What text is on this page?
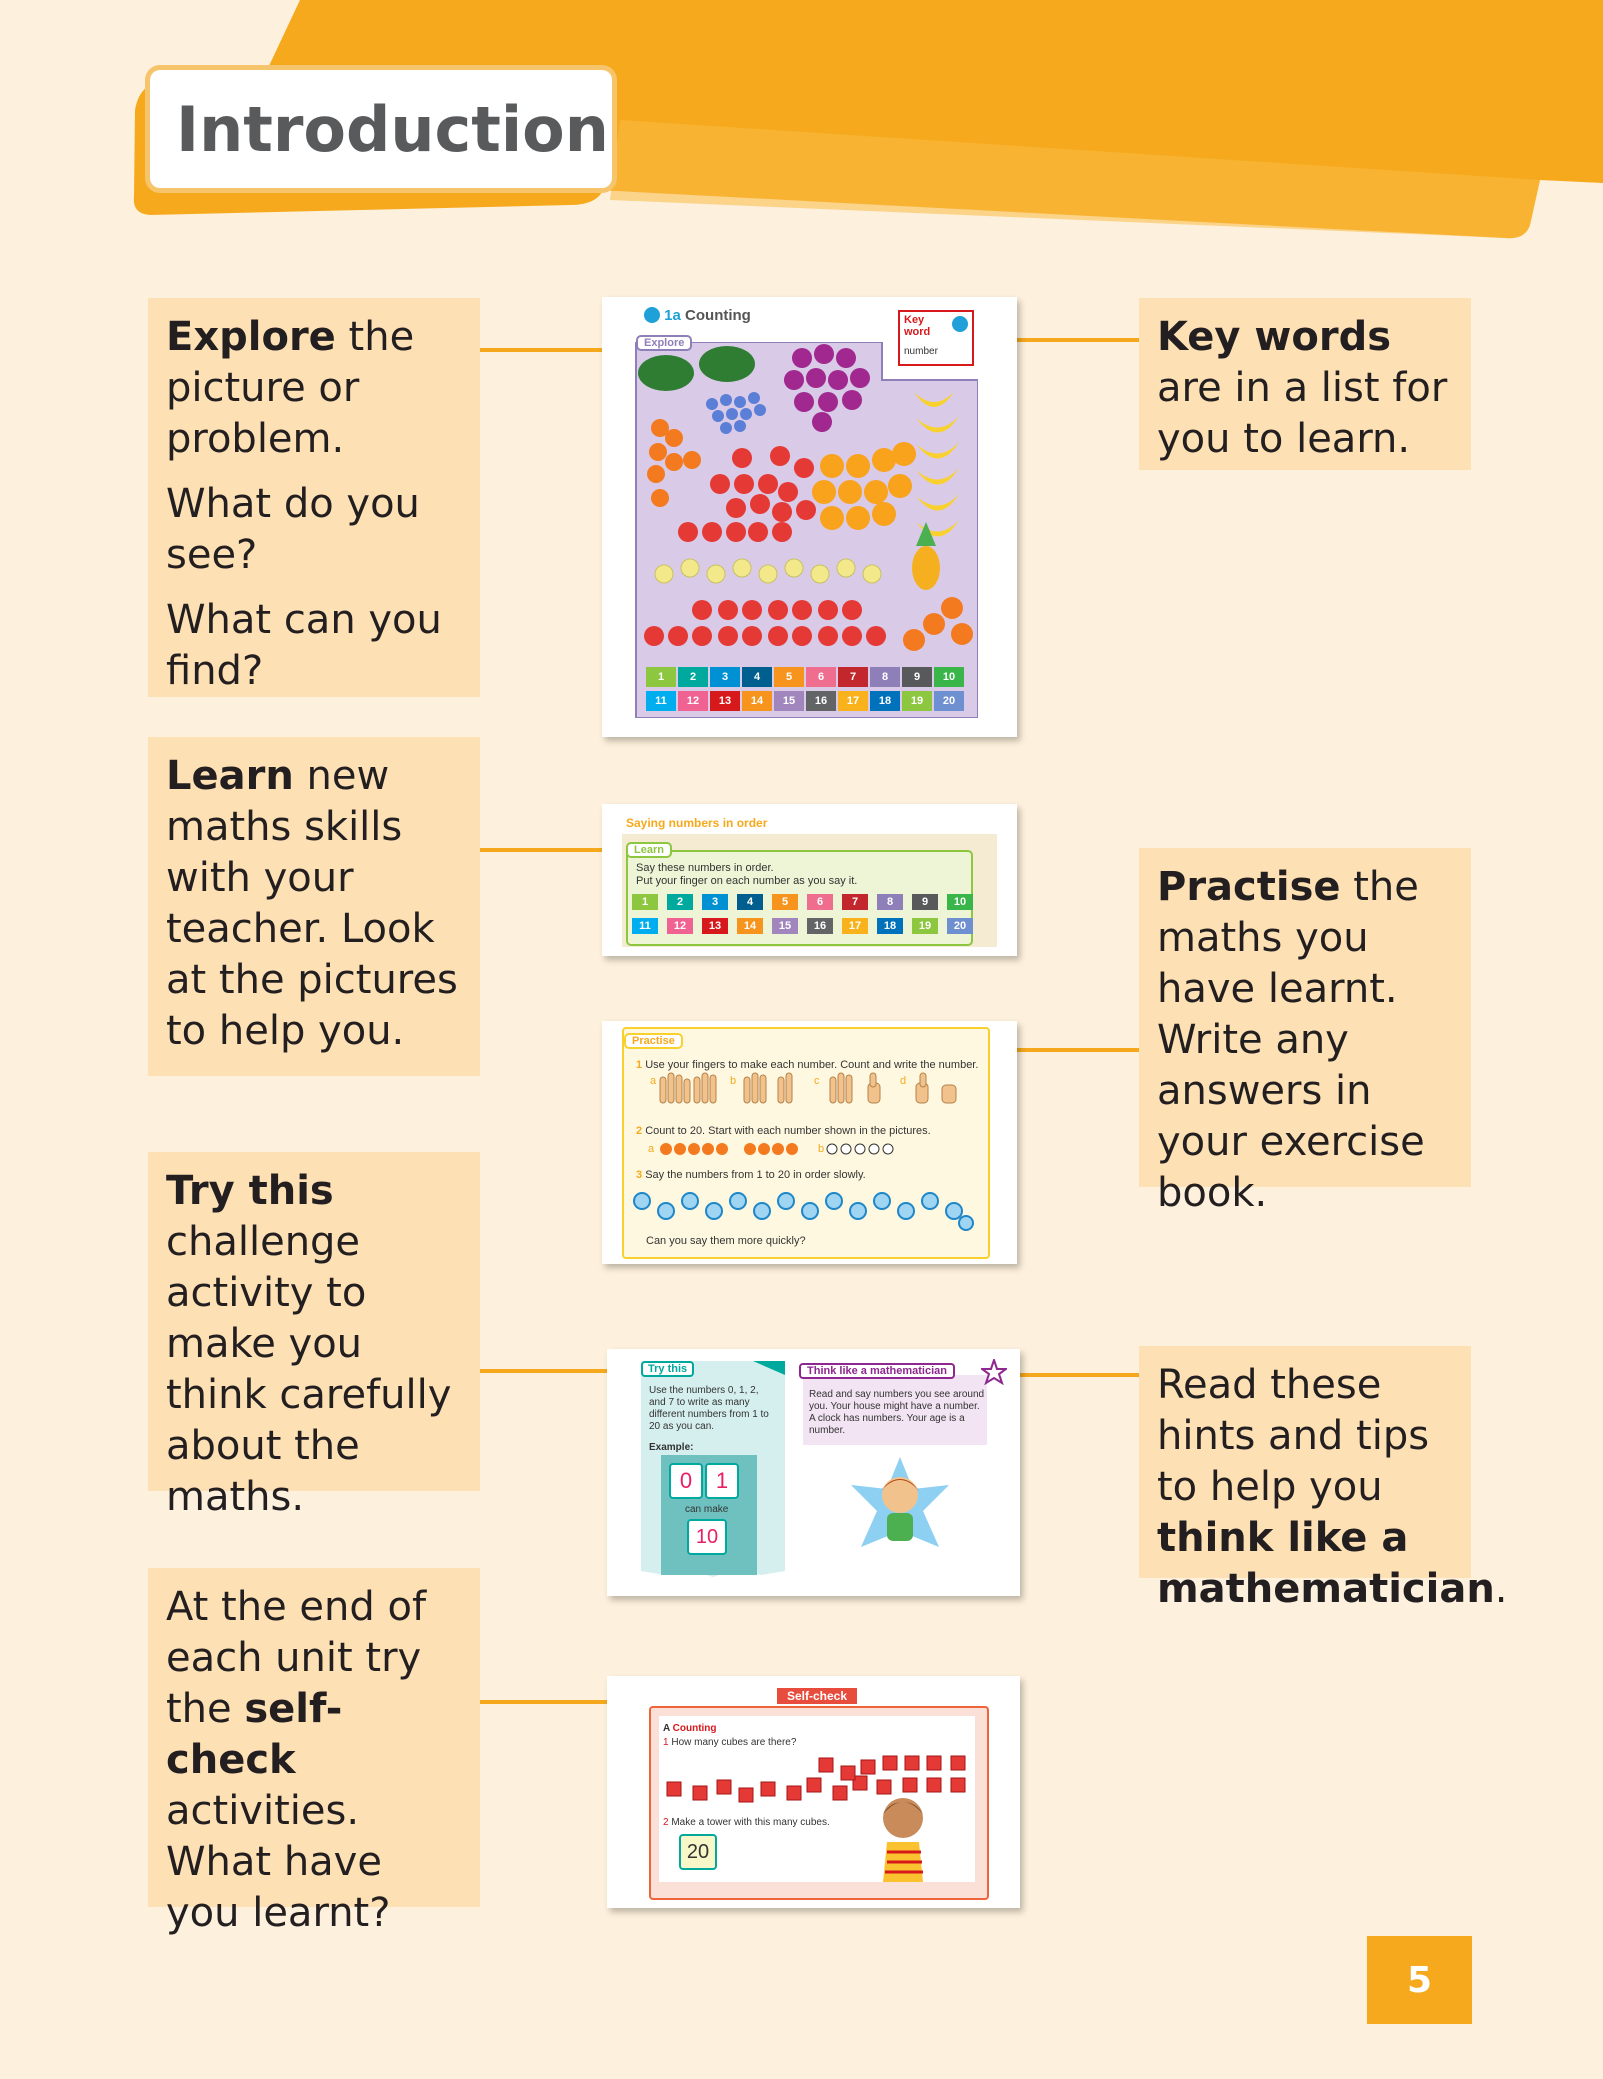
Introduction

Explore the picture or problem.

What do you see?

What can you find?

Learn new maths skills with your teacher. Look at the pictures to help you.

Try this challenge activity to make you think carefully about the maths.

At the end of each unit try the self-check activities. What have you learnt?

Key words are in a list for you to learn.

Practise the maths you have learnt. Write any answers in your exercise book.

Read these hints and tips to help you think like a mathematician.

1a Counting	Key
word
number
1	2	3	4	5	6	7	8	9	10
11	12	13	14	15	16	17	18	19	20
Explore
Saying numbers in order
Say these numbers in order.
Put your finger on each number as you say it.
1	2	3	4	5	6	7	8	9	10
11	12	13	14	15	16	17	18	19	20
Learn
Practise
1 Use your fingers to make each number. Count and write the number.
a	b	c	d
2 Count to 20. Start with each number shown in the pictures.
a	b
3 Say the numbers from 1 to 20 in order slowly.
Can you say them more quickly?
Try this
Use the numbers 0, 1, 2, and 7 to write as many different numbers from 1 to 20 as you can.
Example:
0	1
can make
10
Think like a mathematician
Read and say numbers you see around you. Your house might have a number. A clock has numbers. Your age is a number.
Self-check
A Counting
1 How many cubes are there?
2 Make a tower with this many cubes.
20
5
